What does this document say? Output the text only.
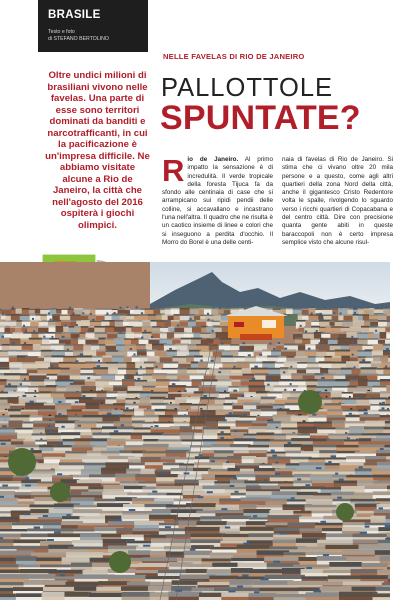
BRASILE
Testo e foto
di STEFANO BERTOLINO

Oltre undici milioni di brasiliani vivono nelle favelas. Una parte di esse sono territori dominati da banditi e narcotrafficanti, in cui la pacificazione è un'impresa difficile. Ne abbiamo visitate alcune a Rio de Janeiro, la città che nell'agosto del 2016 ospiterà i giochi olimpici.

NELLE FAVELAS DI RIO DE JANEIRO
PALLOTTOLE
SPUNTATE?

Rio de Janeiro. Al primo impatto la sensazione è di incredulità. Il verde tropicale della foresta Tijuca fa da sfondo alle centinaia di case che si arrampicano sui ripidi pendii delle colline, si accavallano e incastrano l'una nell'altra. Il quadro che ne risulta è un caotico insieme di linee e colori che si inseguono a perdita d'occhio. Il Morro do Borel è una delle centi-

naia di favelas di Rio de Janeiro. Si stima che ci vivano oltre 20 mila persone e a questo, come agli altri quartieri della zona Nord della città, anche il gigantesco Cristo Redentore volta le spalle, rivolgendo lo sguardo verso i ricchi quartieri di Copacabana e del centro città. Dire con precisione quanta gente abiti in queste baraccopoli non è certo impresa semplice visto che alcune risul-
